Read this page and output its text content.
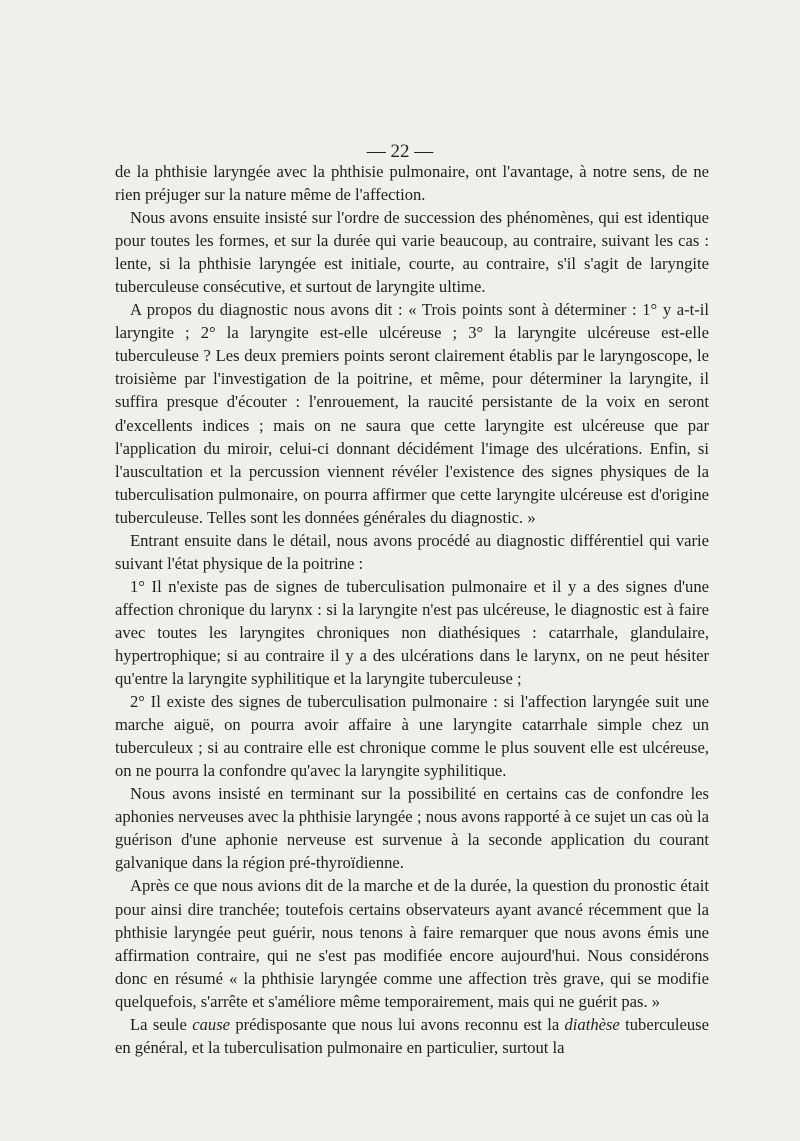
— 22 —

de la phthisie laryngée avec la phthisie pulmonaire, ont l'avantage, à notre sens, de ne rien préjuger sur la nature même de l'affection.

Nous avons ensuite insisté sur l'ordre de succession des phénomènes, qui est identique pour toutes les formes, et sur la durée qui varie beaucoup, au contraire, suivant les cas : lente, si la phthisie laryngée est initiale, courte, au contraire, s'il s'agit de laryngite tuberculeuse consécutive, et surtout de laryngite ultime.

A propos du diagnostic nous avons dit : « Trois points sont à déterminer : 1° y a-t-il laryngite ; 2° la laryngite est-elle ulcéreuse ; 3° la laryngite ulcéreuse est-elle tuberculeuse ? Les deux premiers points seront clairement établis par le laryngoscope, le troisième par l'investigation de la poitrine, et même, pour déterminer la laryngite, il suffira presque d'écouter : l'enrouement, la raucité persistante de la voix en seront d'excellents indices ; mais on ne saura que cette laryngite est ulcéreuse que par l'application du miroir, celui-ci donnant décidément l'image des ulcérations. Enfin, si l'auscultation et la percussion viennent révéler l'existence des signes physiques de la tuberculisation pulmonaire, on pourra affirmer que cette laryngite ulcéreuse est d'origine tuberculeuse. Telles sont les données générales du diagnostic. »

Entrant ensuite dans le détail, nous avons procédé au diagnostic différentiel qui varie suivant l'état physique de la poitrine :

1° Il n'existe pas de signes de tuberculisation pulmonaire et il y a des signes d'une affection chronique du larynx : si la laryngite n'est pas ulcéreuse, le diagnostic est à faire avec toutes les laryngites chroniques non diathésiques : catarrhale, glandulaire, hypertrophique; si au contraire il y a des ulcérations dans le larynx, on ne peut hésiter qu'entre la laryngite syphilitique et la laryngite tuberculeuse ;

2° Il existe des signes de tuberculisation pulmonaire : si l'affection laryngée suit une marche aiguë, on pourra avoir affaire à une laryngite catarrhale simple chez un tuberculeux ; si au contraire elle est chronique comme le plus souvent elle est ulcéreuse, on ne pourra la confondre qu'avec la laryngite syphilitique.

Nous avons insisté en terminant sur la possibilité en certains cas de confondre les aphonies nerveuses avec la phthisie laryngée ; nous avons rapporté à ce sujet un cas où la guérison d'une aphonie nerveuse est survenue à la seconde application du courant galvanique dans la région pré-thyroïdienne.

Après ce que nous avions dit de la marche et de la durée, la question du pronostic était pour ainsi dire tranchée; toutefois certains observateurs ayant avancé récemment que la phthisie laryngée peut guérir, nous tenons à faire remarquer que nous avons émis une affirmation contraire, qui ne s'est pas modifiée encore aujourd'hui. Nous considérons donc en résumé « la phthisie laryngée comme une affection très grave, qui se modifie quelquefois, s'arrête et s'améliore même temporairement, mais qui ne guérit pas. »

La seule cause prédisposante que nous lui avons reconnu est la diathèse tuberculeuse en général, et la tuberculisation pulmonaire en particulier, surtout la
